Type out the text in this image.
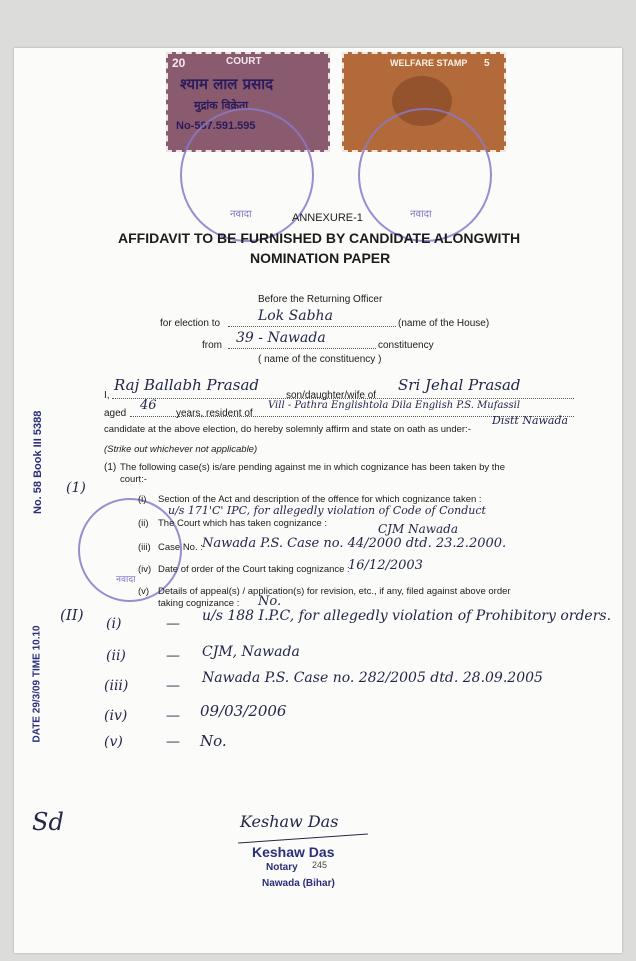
20	COURT
श्याम लाल प्रसाद
मुद्रांक विक्रेता
No-587.591.595
WELFARE STAMP 5
नवादा	नवादा
ANNEXURE-1
AFFIDAVIT TO BE FURNISHED BY CANDIDATE ALONGWITH
NOMINATION PAPER
Before the Returning Officer
for election to	Lok Sabha	(name of the House)
from 39 - Nawada	constituency
( name of the constituency )
I,
Raj Ballabh Prasad
son/daughter/wife of
Sri Jehal Prasad
aged
46
years, resident of
Vill - Pathra Englishtola Dila English P.S. Mufassil
candidate at the above election, do hereby solemnly affirm and state on oath as under:-
Distt Nawada
(Strike out whichever not applicable)
(1) The following case(s) is/are pending against me in which cognizance has been taken by the
court:-
(1)
नवादा
(i) Section of the Act and description of the offence for which cognizance taken :
u/s 171'C' IPC, for allegedly violation of Code of Conduct
(ii) The Court which has taken cognizance :	CJM Nawada
(iii) Case No. : Nawada P.S. Case no. 44/2000 dtd. 23.2.2000.
(iv) Date of order of the Court taking cognizance :
16/12/2003
(v) Details of appeal(s) / application(s) for revision, etc., if any, filed against above order
taking cognizance : No.
(II) (i)	— u/s 188 I.P.C, for allegedly violation of Prohibitory orders.
(ii)	— CJM, Nawada
(iii)	— Nawada P.S. Case no. 282/2005 dtd. 28.09.2005
(iv)	— 09/03/2006
(v)	— No.
No. 58 Book III 5388
DATE 29/3/09 TIME 10.10
Sd	Keshaw Das
Keshaw Das
Notary 245
Nawada (Bihar)
